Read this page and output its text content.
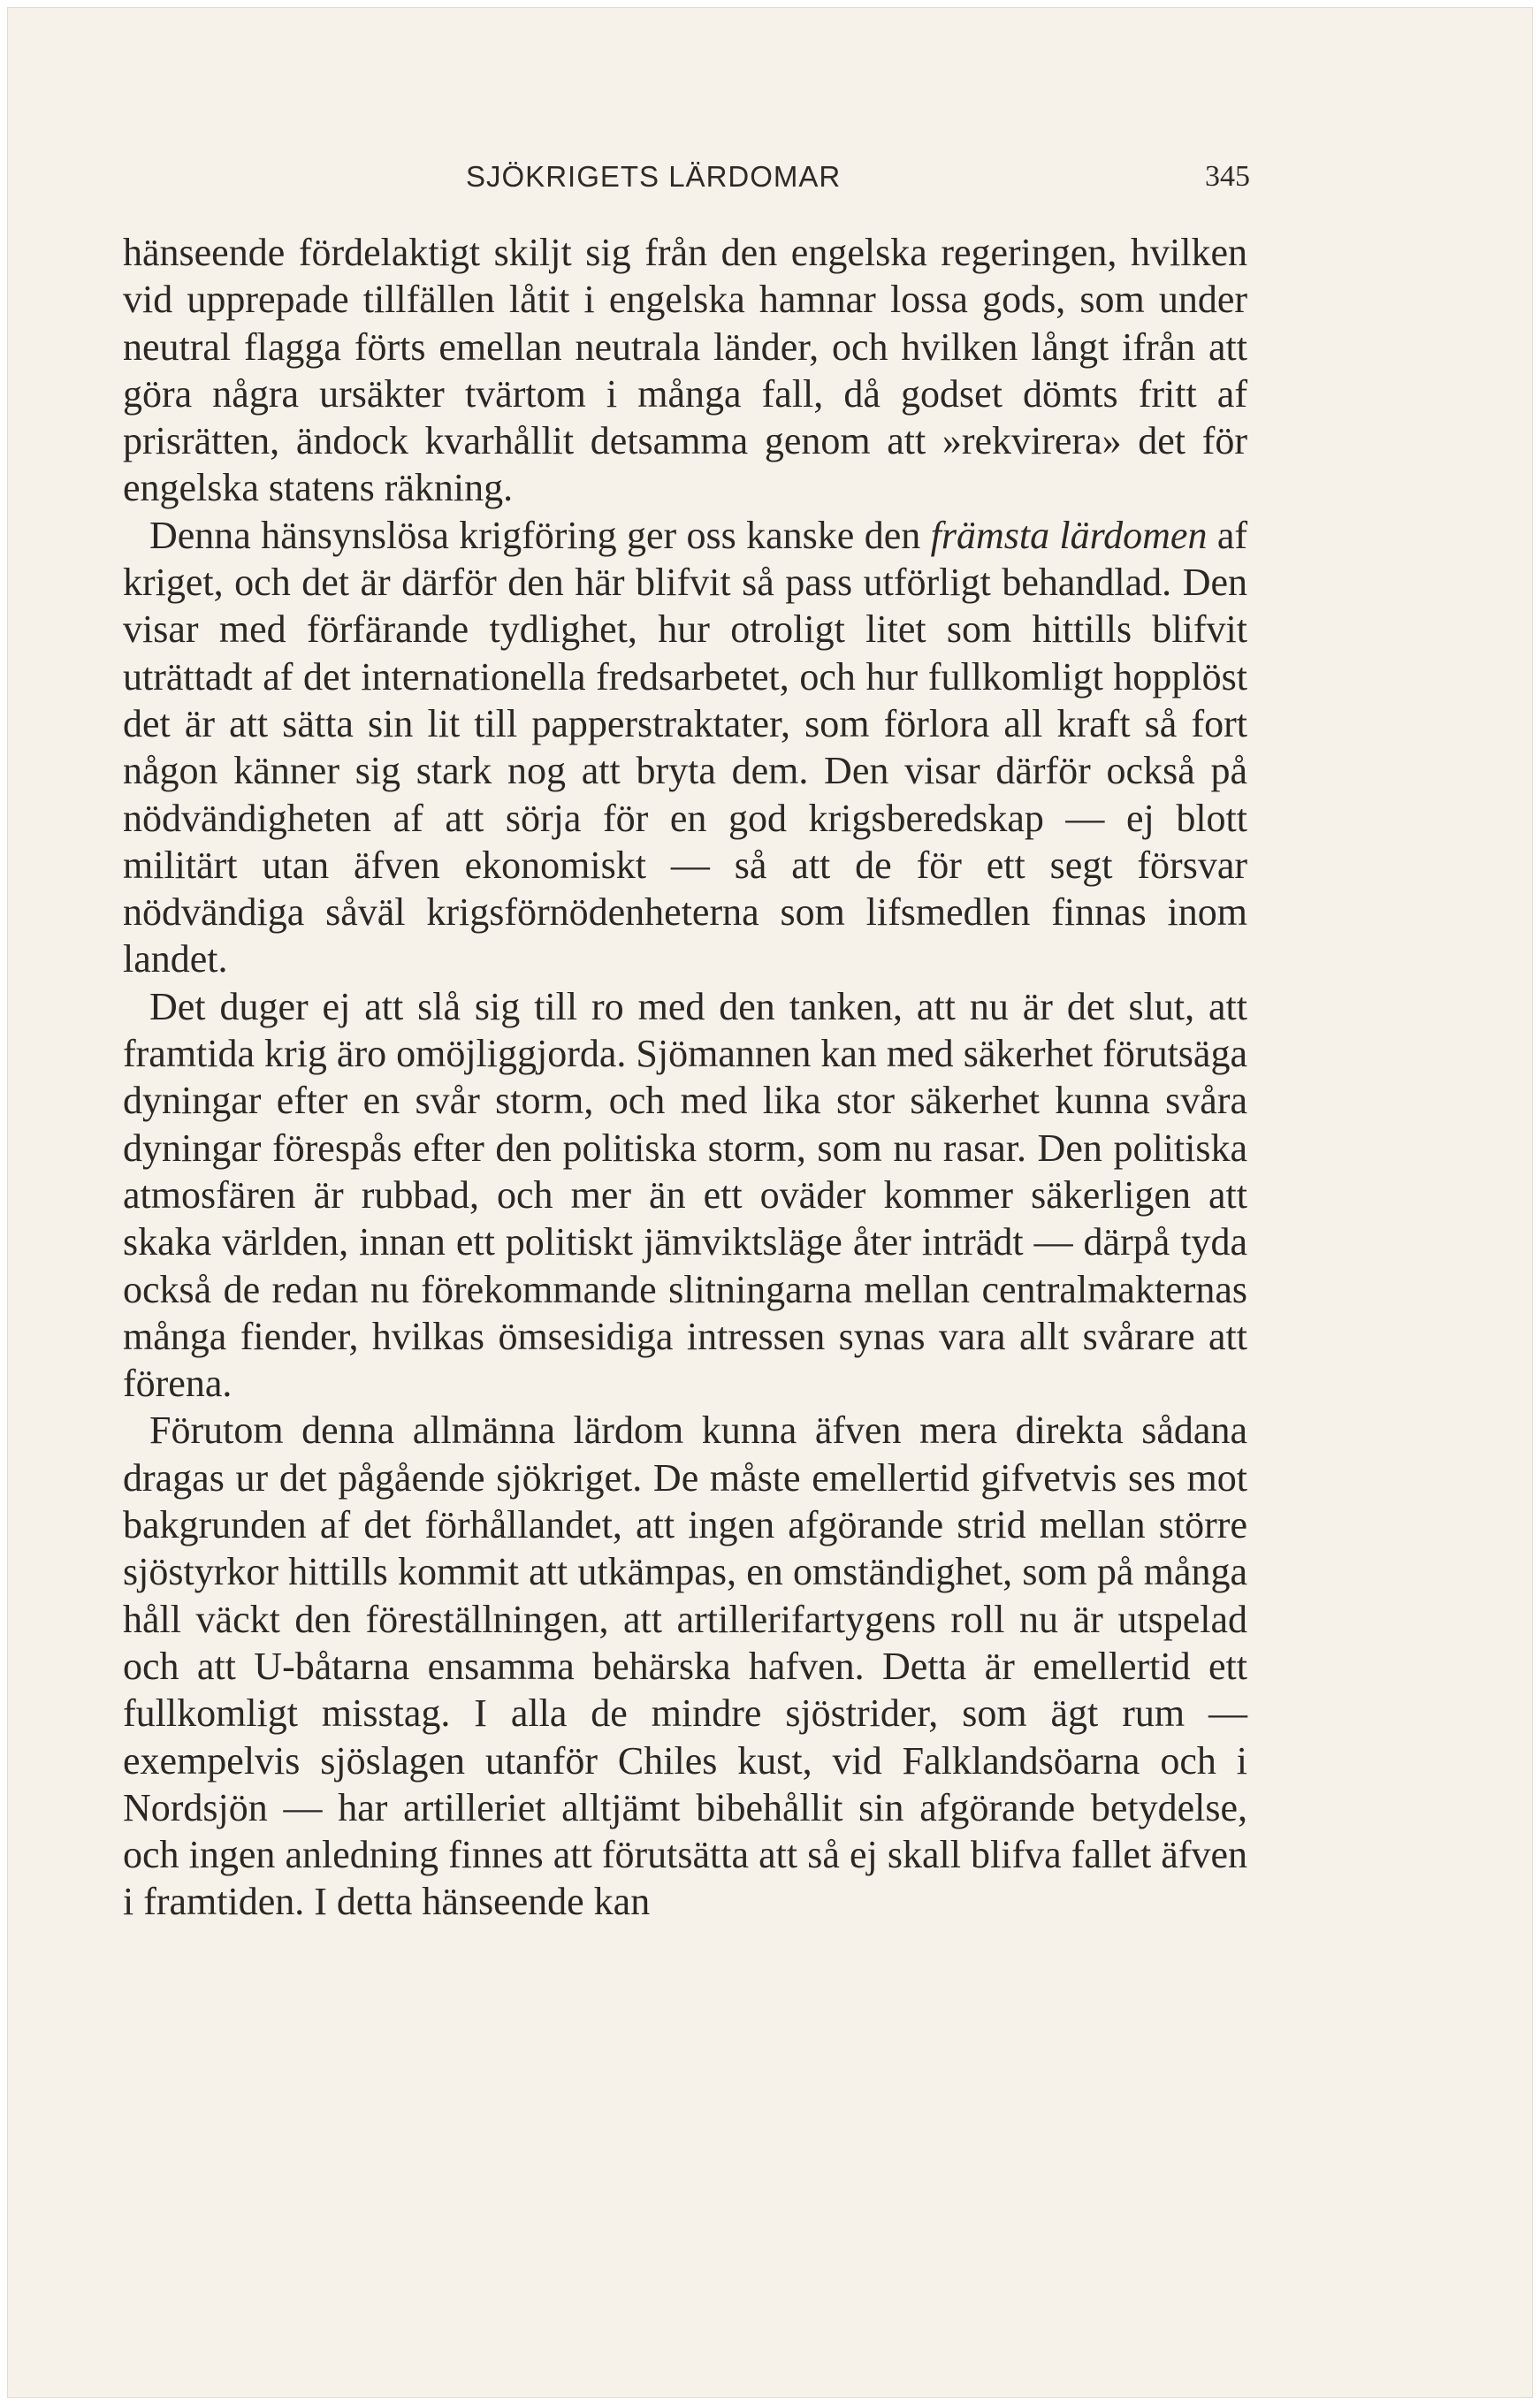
SJÖKRIGETS LÄRDOMAR	345

hänseende fördelaktigt skiljt sig från den engelska regeringen, hvilken vid upprepade tillfällen låtit i engelska hamnar lossa gods, som under neutral flagga förts emellan neutrala länder, och hvilken långt ifrån att göra några ursäkter tvärtom i många fall, då godset dömts fritt af prisrätten, ändock kvarhållit detsamma genom att »rekvirera» det för engelska statens räkning.

Denna hänsynslösa krigföring ger oss kanske den främsta lärdomen af kriget, och det är därför den här blifvit så pass utförligt behandlad. Den visar med förfärande tydlighet, hur otroligt litet som hittills blifvit uträttadt af det internationella fredsarbetet, och hur fullkomligt hopplöst det är att sätta sin lit till papperstraktater, som förlora all kraft så fort någon känner sig stark nog att bryta dem. Den visar därför också på nödvändigheten af att sörja för en god krigsberedskap — ej blott militärt utan äfven ekonomiskt — så att de för ett segt försvar nödvändiga såväl krigsförnödenheterna som lifsmedlen finnas inom landet.

Det duger ej att slå sig till ro med den tanken, att nu är det slut, att framtida krig äro omöjliggjorda. Sjömannen kan med säkerhet förutsäga dyningar efter en svår storm, och med lika stor säkerhet kunna svåra dyningar förespås efter den politiska storm, som nu rasar. Den politiska atmosfären är rubbad, och mer än ett oväder kommer säkerligen att skaka världen, innan ett politiskt jämviktsläge åter inträdt — därpå tyda också de redan nu förekommande slitningarna mellan centralmakternas många fiender, hvilkas ömsesidiga intressen synas vara allt svårare att förena.

Förutom denna allmänna lärdom kunna äfven mera direkta sådana dragas ur det pågående sjökriget. De måste emellertid gifvetvis ses mot bakgrunden af det förhållandet, att ingen afgörande strid mellan större sjöstyrkor hittills kommit att utkämpas, en omständighet, som på många håll väckt den föreställningen, att artillerifartygens roll nu är utspelad och att U-båtarna ensamma behärska hafven. Detta är emellertid ett fullkomligt misstag. I alla de mindre sjöstrider, som ägt rum — exempelvis sjöslagen utanför Chiles kust, vid Falklandsöarna och i Nordsjön — har artilleriet alltjämt bibehållit sin afgörande betydelse, och ingen anledning finnes att förutsätta att så ej skall blifva fallet äfven i framtiden. I detta hänseende kan
